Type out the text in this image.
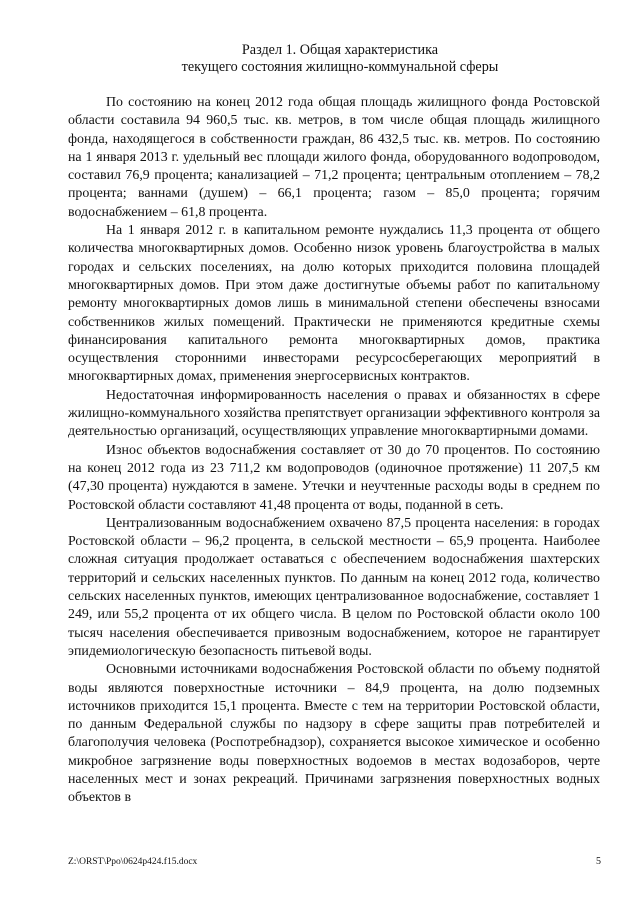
Раздел 1. Общая характеристика
текущего состояния жилищно-коммунальной сферы

По состоянию на конец 2012 года общая площадь жилищного фонда Ростовской области составила 94 960,5 тыс. кв. метров, в том числе общая площадь жилищного фонда, находящегося в собственности граждан, 86 432,5 тыс. кв. метров. По состоянию на 1 января 2013 г. удельный вес площади жилого фонда, оборудованного водопроводом, составил 76,9 процента; канализацией – 71,2 процента; центральным отоплением – 78,2 процента; ваннами (душем) – 66,1 процента; газом – 85,0 процента; горячим водоснабжением – 61,8 процента.

На 1 января 2012 г. в капитальном ремонте нуждались 11,3 процента от общего количества многоквартирных домов. Особенно низок уровень благоустройства в малых городах и сельских поселениях, на долю которых приходится половина площадей многоквартирных домов. При этом даже достигнутые объемы работ по капитальному ремонту многоквартирных домов лишь в минимальной степени обеспечены взносами собственников жилых помещений. Практически не применяются кредитные схемы финансирования капитального ремонта многоквартирных домов, практика осуществления сторонними инвесторами ресурсосберегающих мероприятий в многоквартирных домах, применения энергосервисных контрактов.

Недостаточная информированность населения о правах и обязанностях в сфере жилищно-коммунального хозяйства препятствует организации эффективного контроля за деятельностью организаций, осуществляющих управление многоквартирными домами.

Износ объектов водоснабжения составляет от 30 до 70 процентов. По состоянию на конец 2012 года из 23 711,2 км водопроводов (одиночное протяжение) 11 207,5 км (47,30 процента) нуждаются в замене. Утечки и неучтенные расходы воды в среднем по Ростовской области составляют 41,48 процента от воды, поданной в сеть.

Централизованным водоснабжением охвачено 87,5 процента населения: в городах Ростовской области – 96,2 процента, в сельской местности – 65,9 процента. Наиболее сложная ситуация продолжает оставаться с обеспечением водоснабжения шахтерских территорий и сельских населенных пунктов. По данным на конец 2012 года, количество сельских населенных пунктов, имеющих централизованное водоснабжение, составляет 1 249, или 55,2 процента от их общего числа. В целом по Ростовской области около 100 тысяч населения обеспечивается привозным водоснабжением, которое не гарантирует эпидемиологическую безопасность питьевой воды.

Основными источниками водоснабжения Ростовской области по объему поднятой воды являются поверхностные источники – 84,9 процента, на долю подземных источников приходится 15,1 процента. Вместе с тем на территории Ростовской области, по данным Федеральной службы по надзору в сфере защиты прав потребителей и благополучия человека (Роспотребнадзор), сохраняется высокое химическое и особенно микробное загрязнение воды поверхностных водоемов в местах водозаборов, черте населенных мест и зонах рекреаций. Причинами загрязнения поверхностных водных объектов в

Z:\ORST\Ppo\0624p424.f15.docx	5
